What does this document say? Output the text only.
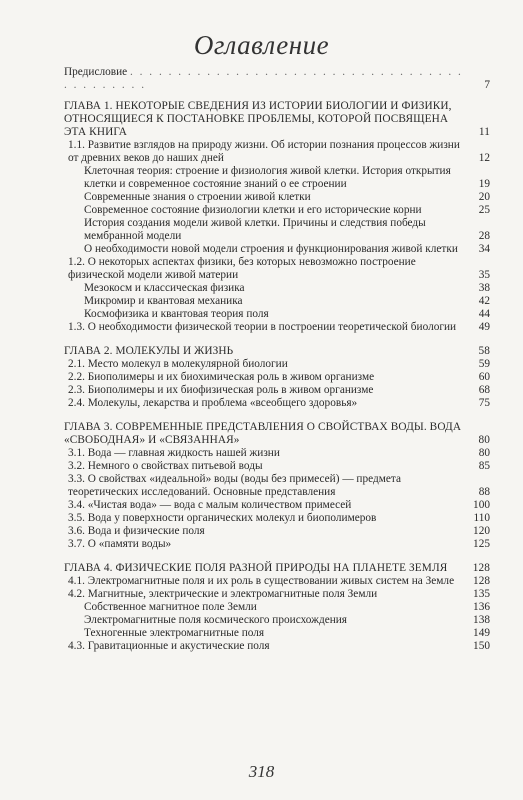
Оглавление
Предисловие . . . . . . . . . . . . . . . . . . . . . . . . . . . . . . . . . . . . . . . . . . . .	7
ГЛАВА 1. НЕКОТОРЫЕ СВЕДЕНИЯ ИЗ ИСТОРИИ БИОЛОГИИ И ФИЗИКИ, ОТНОСЯЩИЕСЯ К ПОСТАНОВКЕ ПРОБЛЕМЫ, КОТОРОЙ ПОСВЯЩЕНА ЭТА КНИГА	11
1.1. Развитие взглядов на природу жизни. Об истории познания процессов жизни от древних веков до наших дней	12
Клеточная теория: строение и физиология живой клетки. История открытия клетки и современное состояние знаний о ее строении	19
Современные знания о строении живой клетки	20
Современное состояние физиологии клетки и его исторические корни	25
История создания модели живой клетки. Причины и следствия победы мембранной модели	28
О необходимости новой модели строения и функционирования живой клетки	34
1.2. О некоторых аспектах физики, без которых невозможно построение физической модели живой материи	35
Мезокосм и классическая физика	38
Микромир и квантовая механика	42
Космофизика и квантовая теория поля	44
1.3. О необходимости физической теории в построении теоретической биологии	49
ГЛАВА 2. МОЛЕКУЛЫ И ЖИЗНЬ	58
2.1. Место молекул в молекулярной биологии	59
2.2. Биополимеры и их биохимическая роль в живом организме	60
2.3. Биополимеры и их биофизическая роль в живом организме	68
2.4. Молекулы, лекарства и проблема «всеобщего здоровья»	75
ГЛАВА 3. СОВРЕМЕННЫЕ ПРЕДСТАВЛЕНИЯ О СВОЙСТВАХ ВОДЫ. ВОДА «СВОБОДНАЯ» И «СВЯЗАННАЯ»	80
3.1. Вода — главная жидкость нашей жизни	80
3.2. Немного о свойствах питьевой воды	85
3.3. О свойствах «идеальной» воды (воды без примесей) — предмета теоретических исследований. Основные представления	88
3.4. «Чистая вода» — вода с малым количеством примесей	100
3.5. Вода у поверхности органических молекул и биополимеров	110
3.6. Вода и физические поля	120
3.7. О «памяти воды»	125
ГЛАВА 4. ФИЗИЧЕСКИЕ ПОЛЯ РАЗНОЙ ПРИРОДЫ НА ПЛАНЕТЕ ЗЕМЛЯ	128
4.1. Электромагнитные поля и их роль в существовании живых систем на Земле	128
4.2. Магнитные, электрические и электромагнитные поля Земли	135
Собственное магнитное поле Земли	136
Электромагнитные поля космического происхождения	138
Техногенные электромагнитные поля	149
4.3. Гравитационные и акустические поля	150
318
